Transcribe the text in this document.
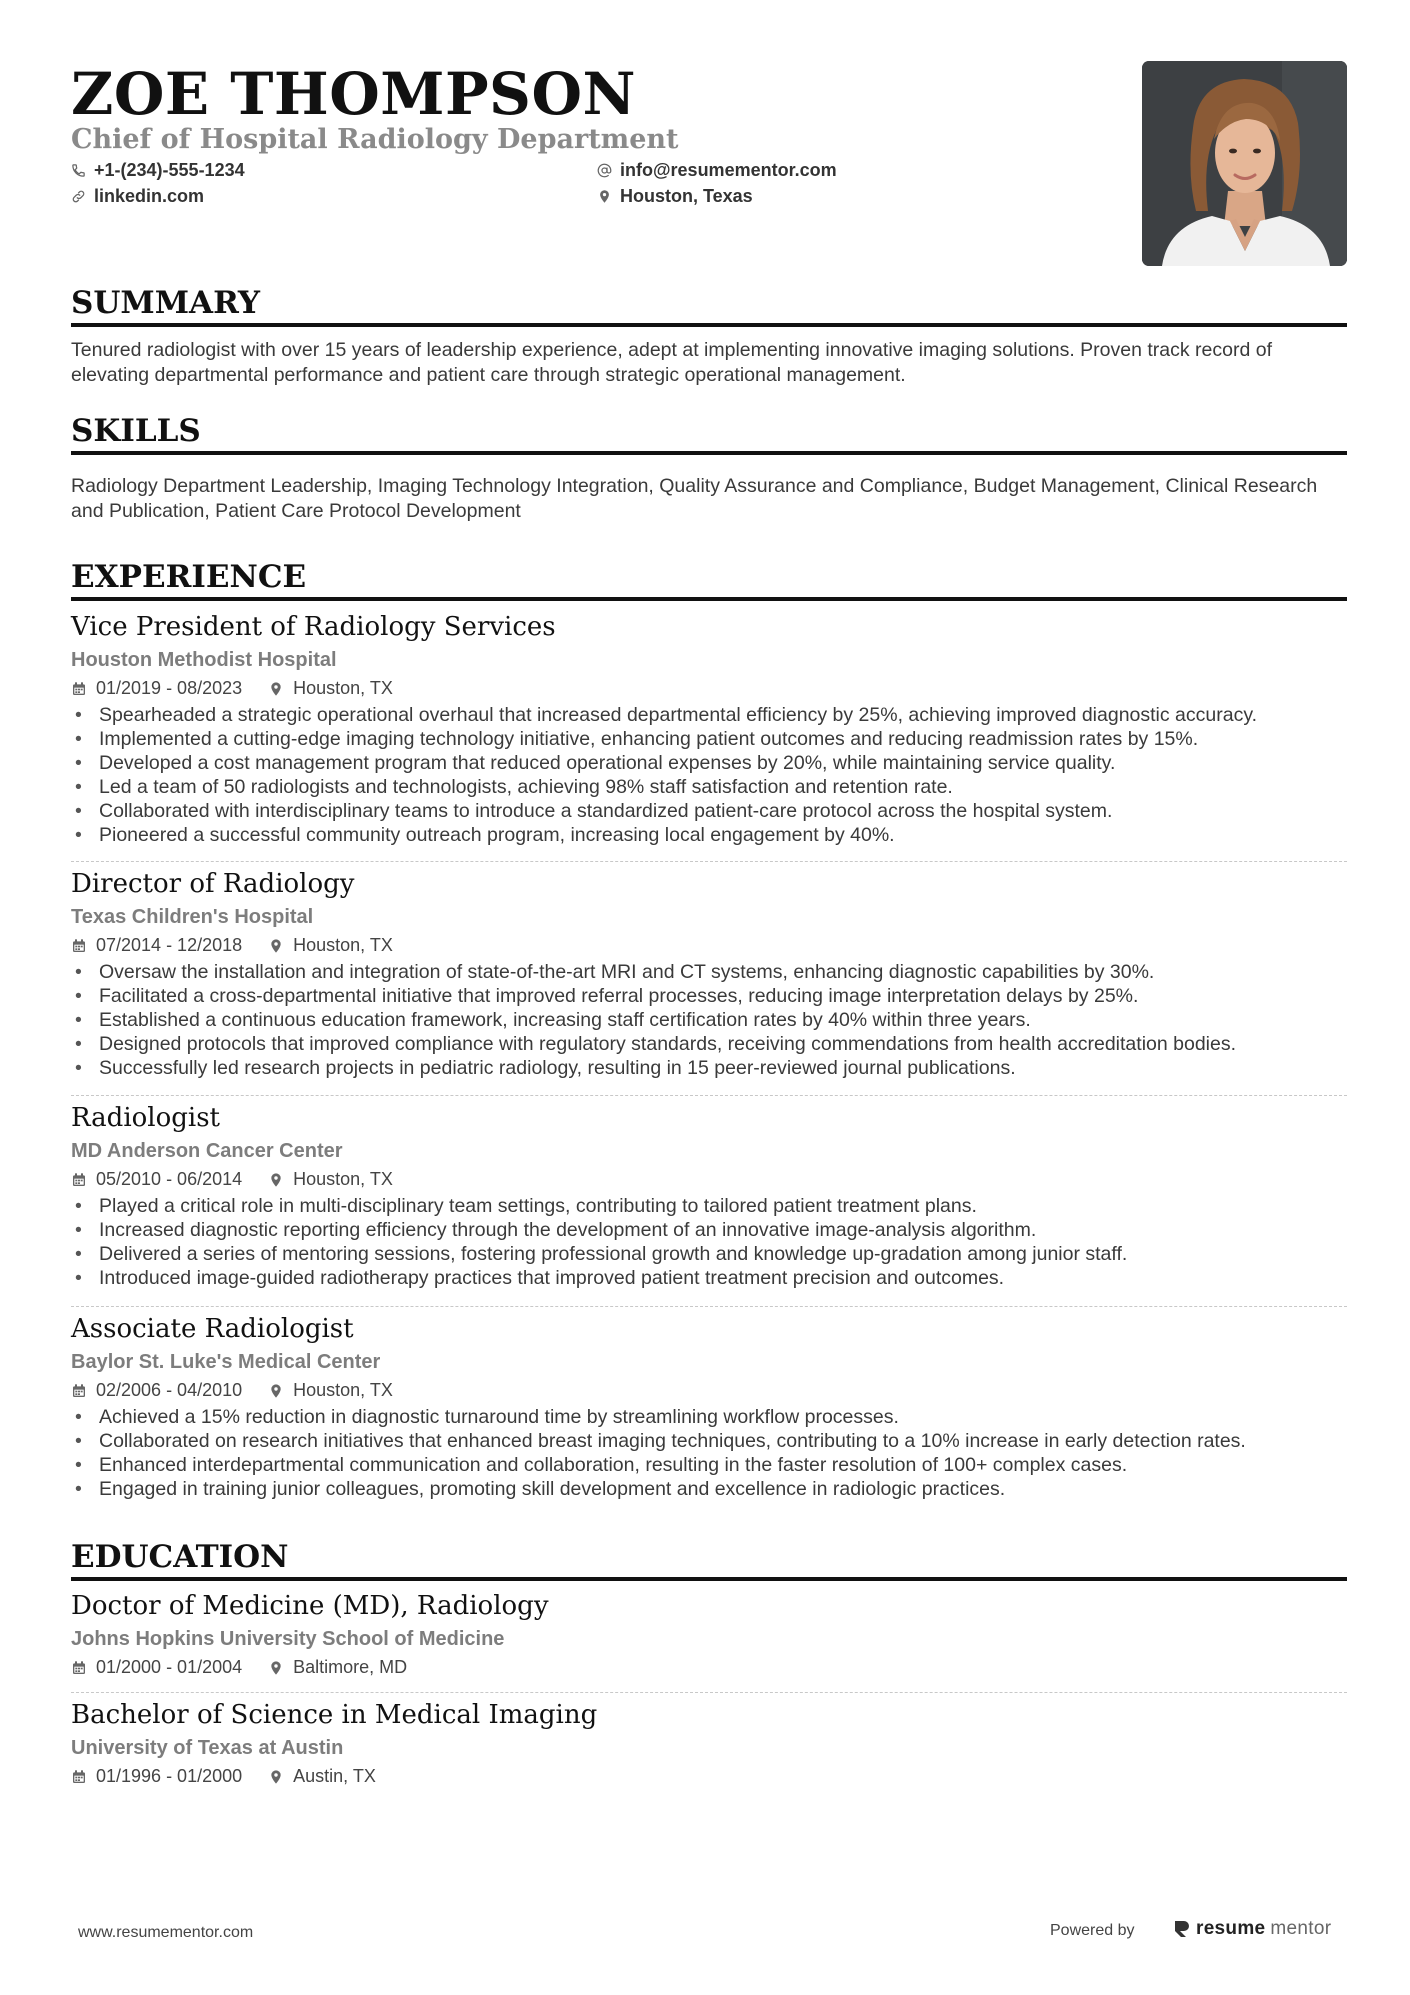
ZOE THOMPSON
Chief of Hospital Radiology Department
+1-(234)-555-1234
linkedin.com
info@resumementor.com
Houston, Texas
SUMMARY

Tenured radiologist with over 15 years of leadership experience, adept at implementing innovative imaging solutions. Proven track record of elevating departmental performance and patient care through strategic operational management.

SKILLS

Radiology Department Leadership, Imaging Technology Integration, Quality Assurance and Compliance, Budget Management, Clinical Research and Publication, Patient Care Protocol Development

EXPERIENCE
Vice President of Radiology Services
Houston Methodist Hospital
01/2019 - 08/2023	Houston, TX
• Spearheaded a strategic operational overhaul that increased departmental efficiency by 25%, achieving improved diagnostic accuracy.
• Implemented a cutting-edge imaging technology initiative, enhancing patient outcomes and reducing readmission rates by 15%.
• Developed a cost management program that reduced operational expenses by 20%, while maintaining service quality.
• Led a team of 50 radiologists and technologists, achieving 98% staff satisfaction and retention rate.
• Collaborated with interdisciplinary teams to introduce a standardized patient-care protocol across the hospital system.
• Pioneered a successful community outreach program, increasing local engagement by 40%.
Director of Radiology
Texas Children's Hospital
07/2014 - 12/2018	Houston, TX
• Oversaw the installation and integration of state-of-the-art MRI and CT systems, enhancing diagnostic capabilities by 30%.
• Facilitated a cross-departmental initiative that improved referral processes, reducing image interpretation delays by 25%.
• Established a continuous education framework, increasing staff certification rates by 40% within three years.
• Designed protocols that improved compliance with regulatory standards, receiving commendations from health accreditation bodies.
• Successfully led research projects in pediatric radiology, resulting in 15 peer-reviewed journal publications.
Radiologist
MD Anderson Cancer Center
05/2010 - 06/2014	Houston, TX
• Played a critical role in multi-disciplinary team settings, contributing to tailored patient treatment plans.
• Increased diagnostic reporting efficiency through the development of an innovative image-analysis algorithm.
• Delivered a series of mentoring sessions, fostering professional growth and knowledge up-gradation among junior staff.
• Introduced image-guided radiotherapy practices that improved patient treatment precision and outcomes.
Associate Radiologist
Baylor St. Luke's Medical Center
02/2006 - 04/2010	Houston, TX
• Achieved a 15% reduction in diagnostic turnaround time by streamlining workflow processes.
• Collaborated on research initiatives that enhanced breast imaging techniques, contributing to a 10% increase in early detection rates.
• Enhanced interdepartmental communication and collaboration, resulting in the faster resolution of 100+ complex cases.
• Engaged in training junior colleagues, promoting skill development and excellence in radiologic practices.
EDUCATION
Doctor of Medicine (MD), Radiology
Johns Hopkins University School of Medicine
01/2000 - 01/2004	Baltimore, MD
Bachelor of Science in Medical Imaging
University of Texas at Austin
01/1996 - 01/2000	Austin, TX
www.resumementor.com	Powered by	resume mentor
